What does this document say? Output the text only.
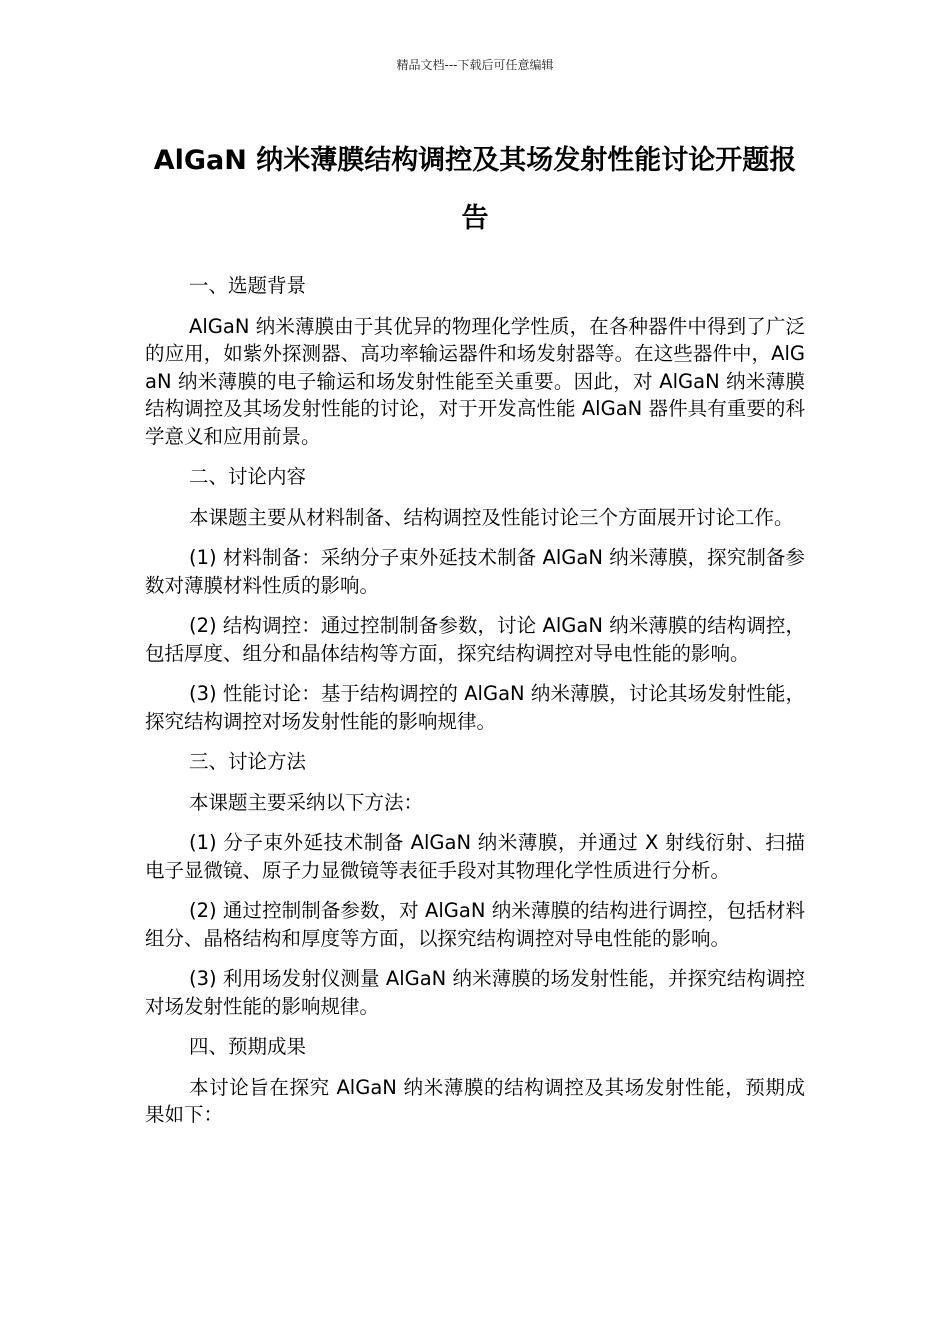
精品文档---下载后可任意编辑
AlGaN 纳米薄膜结构调控及其场发射性能讨论开题报告

一、选题背景

AlGaN 纳米薄膜由于其优异的物理化学性质，在各种器件中得到了广泛的应用，如紫外探测器、高功率输运器件和场发射器等。在这些器件中，AlGaN 纳米薄膜的电子输运和场发射性能至关重要。因此，对 AlGaN 纳米薄膜结构调控及其场发射性能的讨论，对于开发高性能 AlGaN 器件具有重要的科学意义和应用前景。

二、讨论内容

本课题主要从材料制备、结构调控及性能讨论三个方面展开讨论工作。

(1) 材料制备：采纳分子束外延技术制备 AlGaN 纳米薄膜，探究制备参数对薄膜材料性质的影响。

(2) 结构调控：通过控制制备参数，讨论 AlGaN 纳米薄膜的结构调控，包括厚度、组分和晶体结构等方面，探究结构调控对导电性能的影响。

(3) 性能讨论：基于结构调控的 AlGaN 纳米薄膜，讨论其场发射性能，探究结构调控对场发射性能的影响规律。

三、讨论方法

本课题主要采纳以下方法：

(1) 分子束外延技术制备 AlGaN 纳米薄膜，并通过 X 射线衍射、扫描电子显微镜、原子力显微镜等表征手段对其物理化学性质进行分析。

(2) 通过控制制备参数，对 AlGaN 纳米薄膜的结构进行调控，包括材料组分、晶格结构和厚度等方面，以探究结构调控对导电性能的影响。

(3) 利用场发射仪测量 AlGaN 纳米薄膜的场发射性能，并探究结构调控对场发射性能的影响规律。

四、预期成果

本讨论旨在探究 AlGaN 纳米薄膜的结构调控及其场发射性能，预期成果如下：
